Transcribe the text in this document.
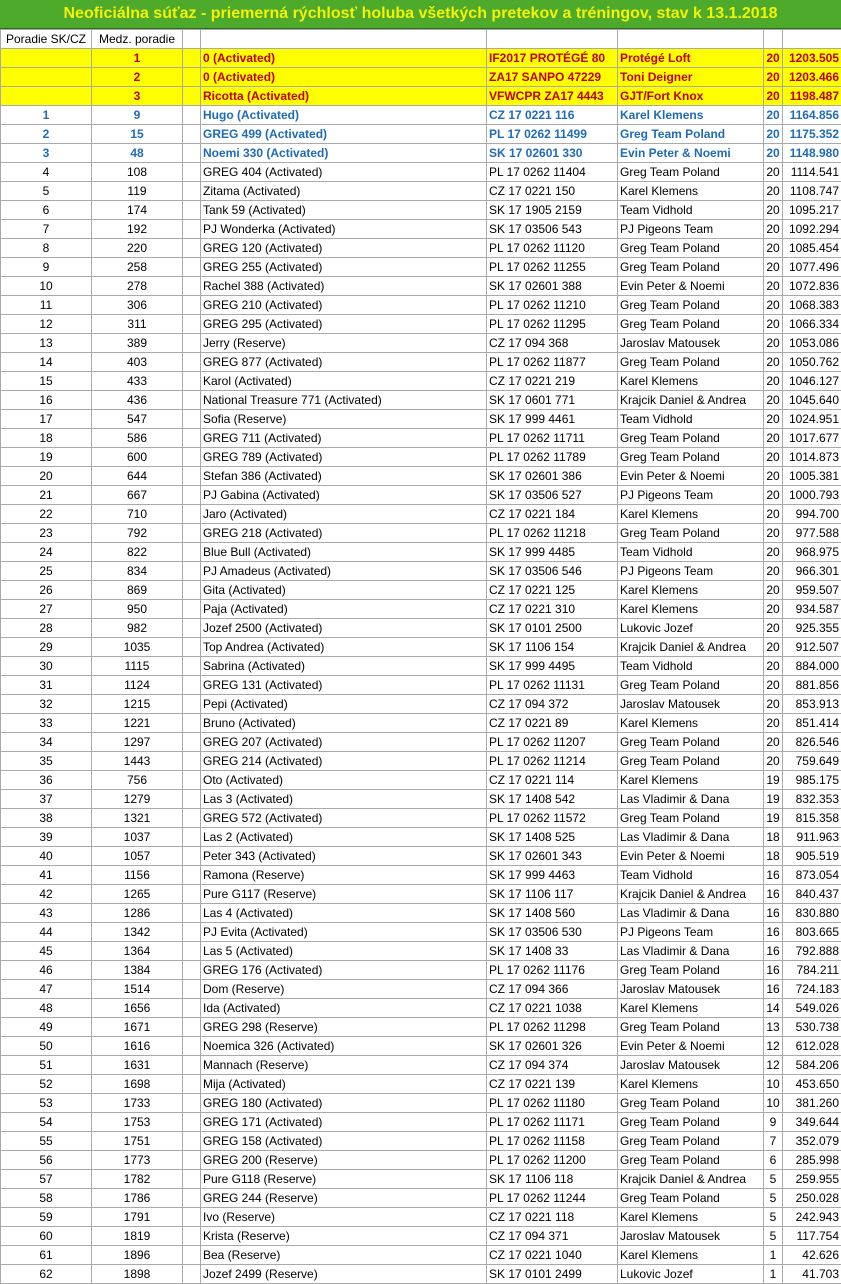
Neoficiálna súťaz - priemerná rýchlosť holuba všetkých pretekov a tréningov, stav k 13.1.2018
Poradie SK/CZ	Medz. poradie						
	1		0 (Activated)	IF2017 PROTÉGÉ 80	Protégé Loft	20	1203.505
	2		0 (Activated)	ZA17 SANPO 47229	Toni Deigner	20	1203.466
	3		Ricotta (Activated)	VFWCPR ZA17 4443	GJT/Fort Knox	20	1198.487
1	9		Hugo (Activated)	CZ 17 0221 116	Karel Klemens	20	1164.856
2	15		GREG 499 (Activated)	PL 17 0262 11499	Greg Team Poland	20	1175.352
3	48		Noemi 330 (Activated)	SK 17 02601 330	Evin Peter & Noemi	20	1148.980
4	108		GREG 404 (Activated)	PL 17 0262 11404	Greg Team Poland	20	1114.541
5	119		Zitama (Activated)	CZ 17 0221 150	Karel Klemens	20	1108.747
6	174		Tank 59 (Activated)	SK 17 1905 2159	Team Vidhold	20	1095.217
7	192		PJ Wonderka (Activated)	SK 17 03506 543	PJ Pigeons Team	20	1092.294
8	220		GREG 120 (Activated)	PL 17 0262 11120	Greg Team Poland	20	1085.454
9	258		GREG 255 (Activated)	PL 17 0262 11255	Greg Team Poland	20	1077.496
10	278		Rachel 388 (Activated)	SK 17 02601 388	Evin Peter & Noemi	20	1072.836
11	306		GREG 210 (Activated)	PL 17 0262 11210	Greg Team Poland	20	1068.383
12	311		GREG 295 (Activated)	PL 17 0262 11295	Greg Team Poland	20	1066.334
13	389		Jerry (Reserve)	CZ 17 094 368	Jaroslav Matousek	20	1053.086
14	403		GREG 877 (Activated)	PL 17 0262 11877	Greg Team Poland	20	1050.762
15	433		Karol (Activated)	CZ 17 0221 219	Karel Klemens	20	1046.127
16	436		National Treasure 771 (Activated)	SK 17 0601 771	Krajcik Daniel & Andrea	20	1045.640
17	547		Sofia (Reserve)	SK 17 999 4461	Team Vidhold	20	1024.951
18	586		GREG 711 (Activated)	PL 17 0262 11711	Greg Team Poland	20	1017.677
19	600		GREG 789 (Activated)	PL 17 0262 11789	Greg Team Poland	20	1014.873
20	644		Stefan 386 (Activated)	SK 17 02601 386	Evin Peter & Noemi	20	1005.381
21	667		PJ Gabina (Activated)	SK 17 03506 527	PJ Pigeons Team	20	1000.793
22	710		Jaro (Activated)	CZ 17 0221 184	Karel Klemens	20	994.700
23	792		GREG 218 (Activated)	PL 17 0262 11218	Greg Team Poland	20	977.588
24	822		Blue Bull (Activated)	SK 17 999 4485	Team Vidhold	20	968.975
25	834		PJ Amadeus (Activated)	SK 17 03506 546	PJ Pigeons Team	20	966.301
26	869		Gita (Activated)	CZ 17 0221 125	Karel Klemens	20	959.507
27	950		Paja (Activated)	CZ 17 0221 310	Karel Klemens	20	934.587
28	982		Jozef 2500 (Activated)	SK 17 0101 2500	Lukovic Jozef	20	925.355
29	1035		Top Andrea (Activated)	SK 17 1106 154	Krajcik Daniel & Andrea	20	912.507
30	1115		Sabrina (Activated)	SK 17 999 4495	Team Vidhold	20	884.000
31	1124		GREG 131 (Activated)	PL 17 0262 11131	Greg Team Poland	20	881.856
32	1215		Pepi (Activated)	CZ 17 094 372	Jaroslav Matousek	20	853.913
33	1221		Bruno (Activated)	CZ 17 0221 89	Karel Klemens	20	851.414
34	1297		GREG 207 (Activated)	PL 17 0262 11207	Greg Team Poland	20	826.546
35	1443		GREG 214 (Activated)	PL 17 0262 11214	Greg Team Poland	20	759.649
36	756		Oto (Activated)	CZ 17 0221 114	Karel Klemens	19	985.175
37	1279		Las 3 (Activated)	SK 17 1408 542	Las Vladimir & Dana	19	832.353
38	1321		GREG 572 (Activated)	PL 17 0262 11572	Greg Team Poland	19	815.358
39	1037		Las 2 (Activated)	SK 17 1408 525	Las Vladimir & Dana	18	911.963
40	1057		Peter 343 (Activated)	SK 17 02601 343	Evin Peter & Noemi	18	905.519
41	1156		Ramona (Reserve)	SK 17 999 4463	Team Vidhold	16	873.054
42	1265		Pure G117 (Reserve)	SK 17 1106 117	Krajcik Daniel & Andrea	16	840.437
43	1286		Las 4 (Activated)	SK 17 1408 560	Las Vladimir & Dana	16	830.880
44	1342		PJ Evita (Activated)	SK 17 03506 530	PJ Pigeons Team	16	803.665
45	1364		Las 5 (Activated)	SK 17 1408 33	Las Vladimir & Dana	16	792.888
46	1384		GREG 176 (Activated)	PL 17 0262 11176	Greg Team Poland	16	784.211
47	1514		Dom (Reserve)	CZ 17 094 366	Jaroslav Matousek	16	724.183
48	1656		Ida (Activated)	CZ 17 0221 1038	Karel Klemens	14	549.026
49	1671		GREG 298 (Reserve)	PL 17 0262 11298	Greg Team Poland	13	530.738
50	1616		Noemica 326 (Activated)	SK 17 02601 326	Evin Peter & Noemi	12	612.028
51	1631		Mannach (Reserve)	CZ 17 094 374	Jaroslav Matousek	12	584.206
52	1698		Mija (Activated)	CZ 17 0221 139	Karel Klemens	10	453.650
53	1733		GREG 180 (Activated)	PL 17 0262 11180	Greg Team Poland	10	381.260
54	1753		GREG 171 (Activated)	PL 17 0262 11171	Greg Team Poland	9	349.644
55	1751		GREG 158 (Activated)	PL 17 0262 11158	Greg Team Poland	7	352.079
56	1773		GREG 200 (Reserve)	PL 17 0262 11200	Greg Team Poland	6	285.998
57	1782		Pure G118 (Reserve)	SK 17 1106 118	Krajcik Daniel & Andrea	5	259.955
58	1786		GREG 244 (Reserve)	PL 17 0262 11244	Greg Team Poland	5	250.028
59	1791		Ivo (Reserve)	CZ 17 0221 118	Karel Klemens	5	242.943
60	1819		Krista (Reserve)	CZ 17 094 371	Jaroslav Matousek	5	117.754
61	1896		Bea (Reserve)	CZ 17 0221 1040	Karel Klemens	1	42.626
62	1898		Jozef 2499 (Reserve)	SK 17 0101 2499	Lukovic Jozef	1	41.703
